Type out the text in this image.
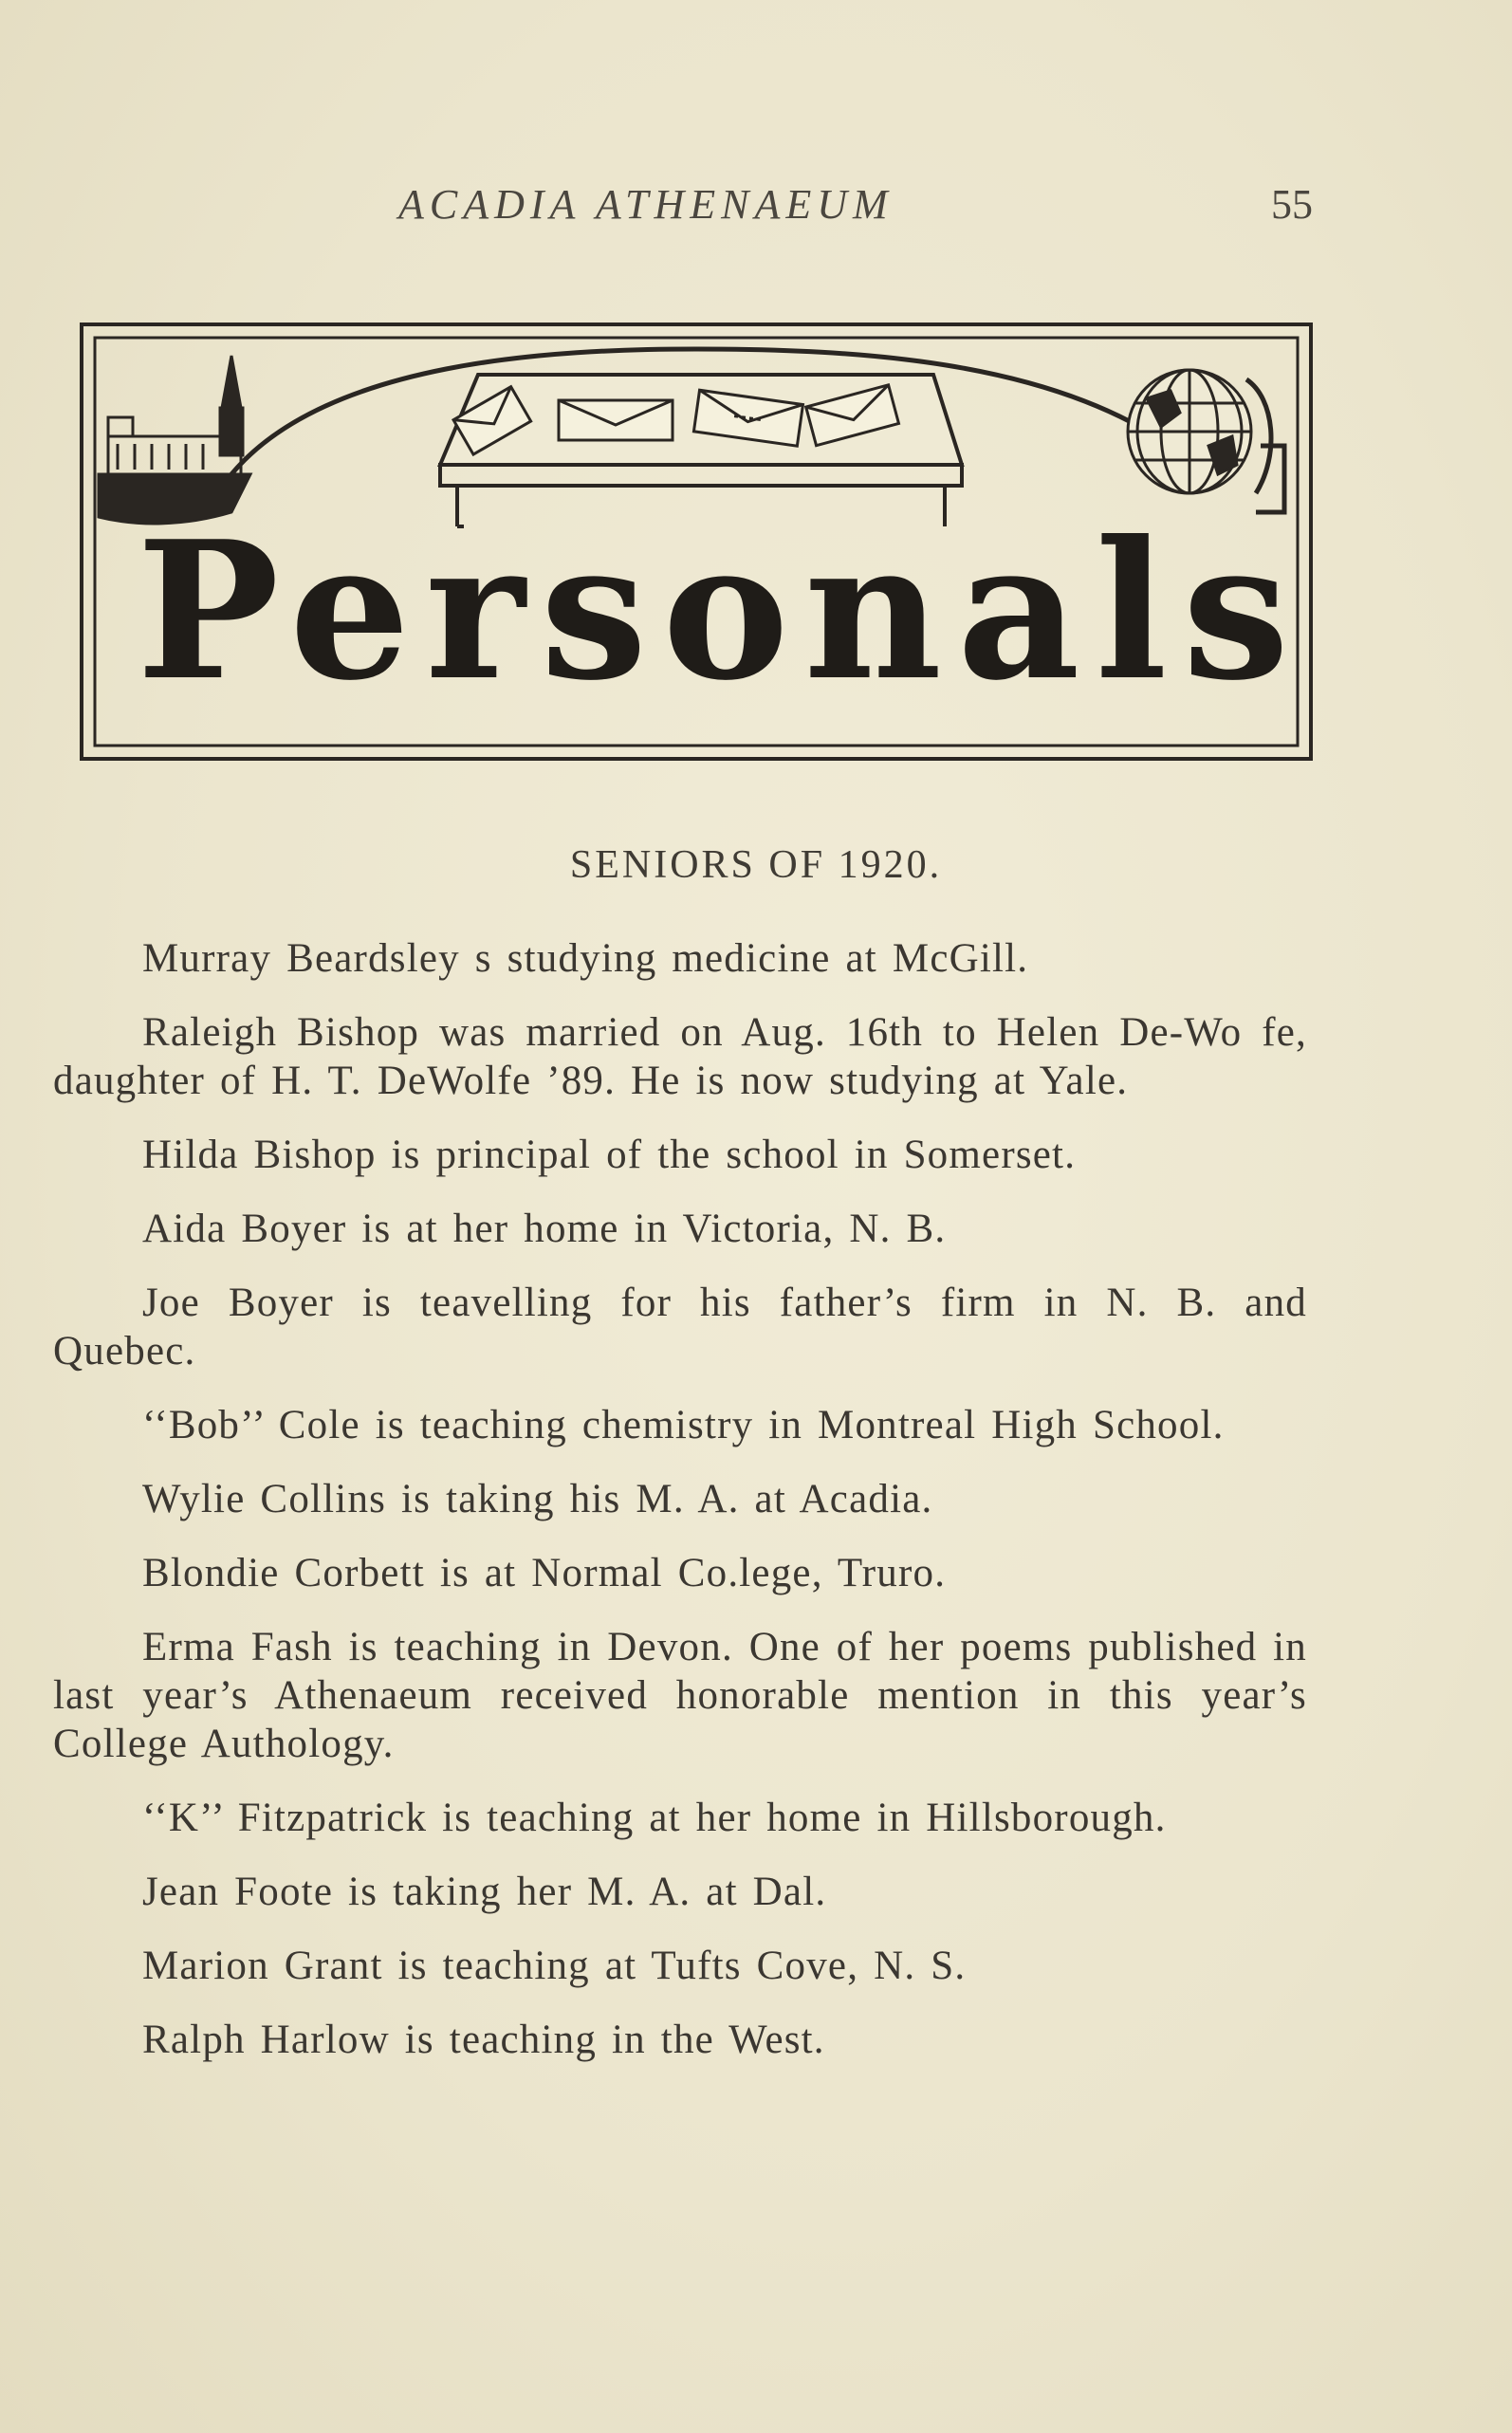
ACADIA ATHENAEUM	55
Personals
SENIORS OF 1920.

Murray Beardsley s studying medicine at McGill.

Raleigh Bishop was married on Aug. 16th to Helen De-Wo fe, daughter of H. T. DeWolfe ’89. He is now studying at Yale.

Hilda Bishop is principal of the school in Somerset.

Aida Boyer is at her home in Victoria, N. B.

Joe Boyer is teavelling for his father’s firm in N. B. and Quebec.

‘‘Bob’’ Cole is teaching chemistry in Montreal High School.

Wylie Collins is taking his M. A. at Acadia.

Blondie Corbett is at Normal Co.lege, Truro.

Erma Fash is teaching in Devon. One of her poems published in last year’s Athenaeum received honorable mention in this year’s College Authology.

‘‘K’’ Fitzpatrick is teaching at her home in Hillsborough.

Jean Foote is taking her M. A. at Dal.

Marion Grant is teaching at Tufts Cove, N. S.

Ralph Harlow is teaching in the West.
